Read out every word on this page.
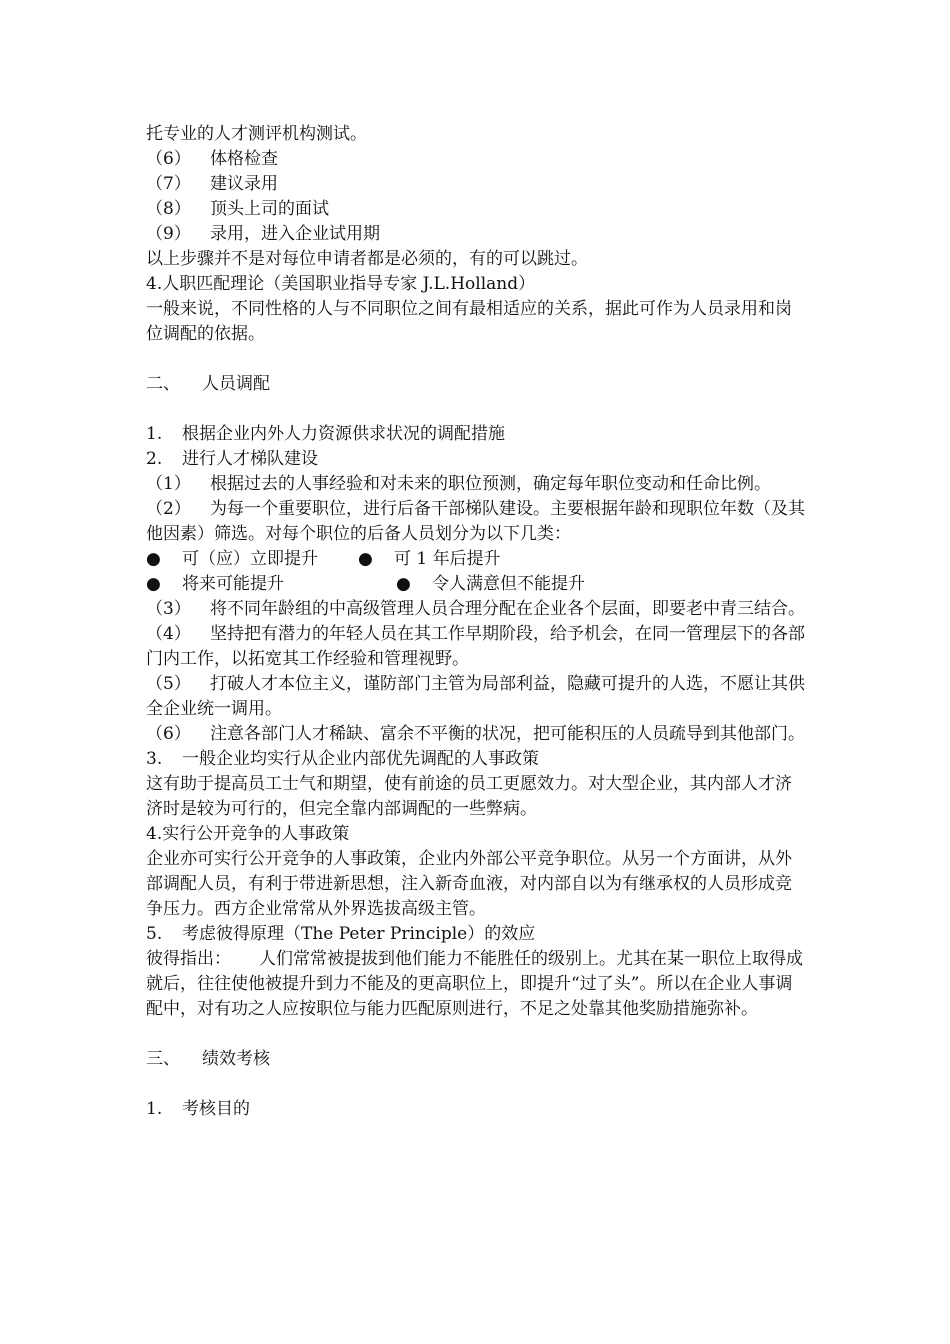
托专业的人才测评机构测试。
（6） 体格检查
（7） 建议录用
（8） 顶头上司的面试
（9） 录用，进入企业试用期
以上步骤并不是对每位申请者都是必须的，有的可以跳过。
4.人职匹配理论（美国职业指导专家 J.L.Holland）
一般来说，不同性格的人与不同职位之间有最相适应的关系，据此可作为人员录用和岗位调配的依据。
二、 人员调配
1. 根据企业内外人力资源供求状况的调配措施
2. 进行人才梯队建设
（1） 根据过去的人事经验和对未来的职位预测，确定每年职位变动和任命比例。
（2） 为每一个重要职位，进行后备干部梯队建设。主要根据年龄和现职位年数（及其他因素）筛选。对每个职位的后备人员划分为以下几类：
● 可（应）立即提升 ● 可 1 年后提升
● 将来可能提升	● 令人满意但不能提升
（3） 将不同年龄组的中高级管理人员合理分配在企业各个层面，即要老中青三结合。
（4） 坚持把有潜力的年轻人员在其工作早期阶段，给予机会，在同一管理层下的各部门内工作，以拓宽其工作经验和管理视野。
（5） 打破人才本位主义，谨防部门主管为局部利益，隐藏可提升的人选，不愿让其供全企业统一调用。
（6） 注意各部门人才稀缺、富余不平衡的状况，把可能积压的人员疏导到其他部门。
3. 一般企业均实行从企业内部优先调配的人事政策
这有助于提高员工士气和期望，使有前途的员工更愿效力。对大型企业，其内部人才济济时是较为可行的，但完全靠内部调配的一些弊病。
4.实行公开竞争的人事政策
企业亦可实行公开竞争的人事政策，企业内外部公平竞争职位。从另一个方面讲，从外部调配人员，有利于带进新思想，注入新奇血液，对内部自以为有继承权的人员形成竞争压力。西方企业常常从外界选拔高级主管。
5. 考虑彼得原理（The Peter Principle）的效应
彼得指出： 人们常常被提拔到他们能力不能胜任的级别上。尤其在某一职位上取得成就后，往往使他被提升到力不能及的更高职位上，即提升“过了头”。所以在企业人事调配中，对有功之人应按职位与能力匹配原则进行，不足之处靠其他奖励措施弥补。
三、 绩效考核
1. 考核目的
